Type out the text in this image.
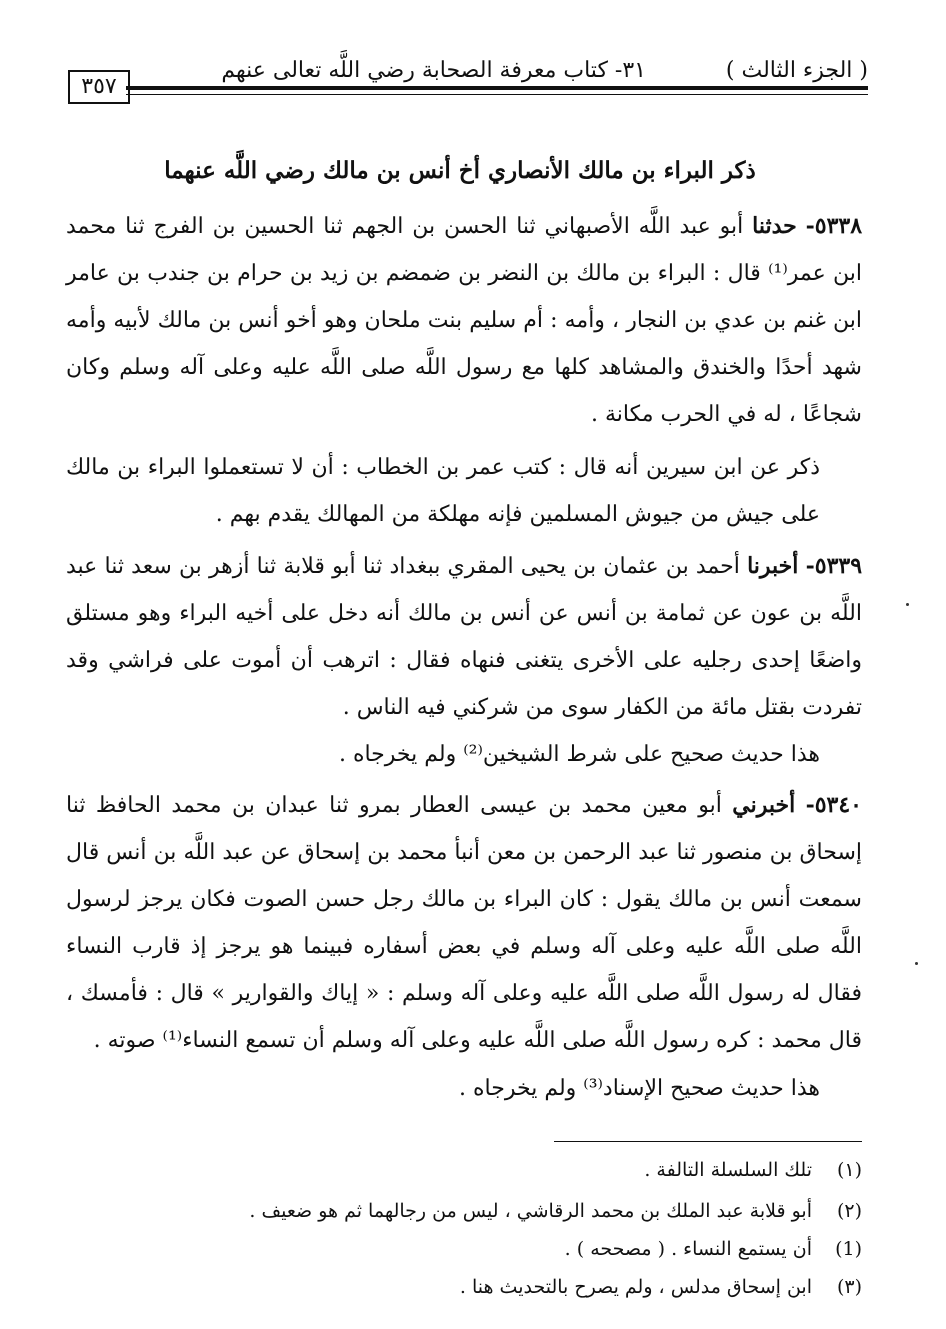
( الجزء الثالث )
٣١- كتاب معرفة الصحابة رضي اللَّه تعالى عنهم
٣٥٧
ذكر البراء بن مالك الأنصاري أخ أنس بن مالك رضي اللَّه عنهما
٥٣٣٨- حدثنا أبو عبد اللَّه الأصبهاني ثنا الحسن بن الجهم ثنا الحسين بن الفرج ثنا محمد ابن عمر⁽¹⁾ قال : البراء بن مالك بن النضر بن ضمضم بن زيد بن حرام بن جندب بن عامر ابن غنم بن عدي بن النجار ، وأمه : أم سليم بنت ملحان وهو أخو أنس بن مالك لأبيه وأمه شهد أحدًا والخندق والمشاهد كلها مع رسول اللَّه صلى اللَّه عليه وعلى آله وسلم وكان شجاعًا ، له في الحرب مكانة .
ذكر عن ابن سيرين أنه قال : كتب عمر بن الخطاب : أن لا تستعملوا البراء بن مالك على جيش من جيوش المسلمين فإنه مهلكة من المهالك يقدم بهم .
٥٣٣٩- أخبرنا أحمد بن عثمان بن يحيى المقري ببغداد ثنا أبو قلابة ثنا أزهر بن سعد ثنا عبد اللَّه بن عون عن ثمامة بن أنس عن أنس بن مالك أنه دخل على أخيه البراء وهو مستلق واضعًا إحدى رجليه على الأخرى يتغنى فنهاه فقال : اترهب أن أموت على فراشي وقد تفردت بقتل مائة من الكفار سوى من شركني فيه الناس .
هذا حديث صحيح على شرط الشيخين⁽²⁾ ولم يخرجاه .
٥٣٤٠- أخبرني أبو معين محمد بن عيسى العطار بمرو ثنا عبدان بن محمد الحافظ ثنا إسحاق بن منصور ثنا عبد الرحمن بن معن أنبأ محمد بن إسحاق عن عبد اللَّه بن أنس قال سمعت أنس بن مالك يقول : كان البراء بن مالك رجل حسن الصوت فكان يرجز لرسول اللَّه صلى اللَّه عليه وعلى آله وسلم في بعض أسفاره فبينما هو يرجز إذ قارب النساء فقال له رسول اللَّه صلى اللَّه عليه وعلى آله وسلم : « إياك والقوارير » قال : فأمسك ، قال محمد : كره رسول اللَّه صلى اللَّه عليه وعلى آله وسلم أن تسمع النساء⁽¹⁾ صوته .
هذا حديث صحيح الإسناد⁽³⁾ ولم يخرجاه .
(١)تلك السلسلة التالفة .
(٢)أبو قلابة عبد الملك بن محمد الرقاشي ، ليس من رجالهما ثم هو ضعيف .
(1)أن يستمع النساء . ( مصححه ) .
(٣)ابن إسحاق مدلس ، ولم يصرح بالتحديث هنا .
